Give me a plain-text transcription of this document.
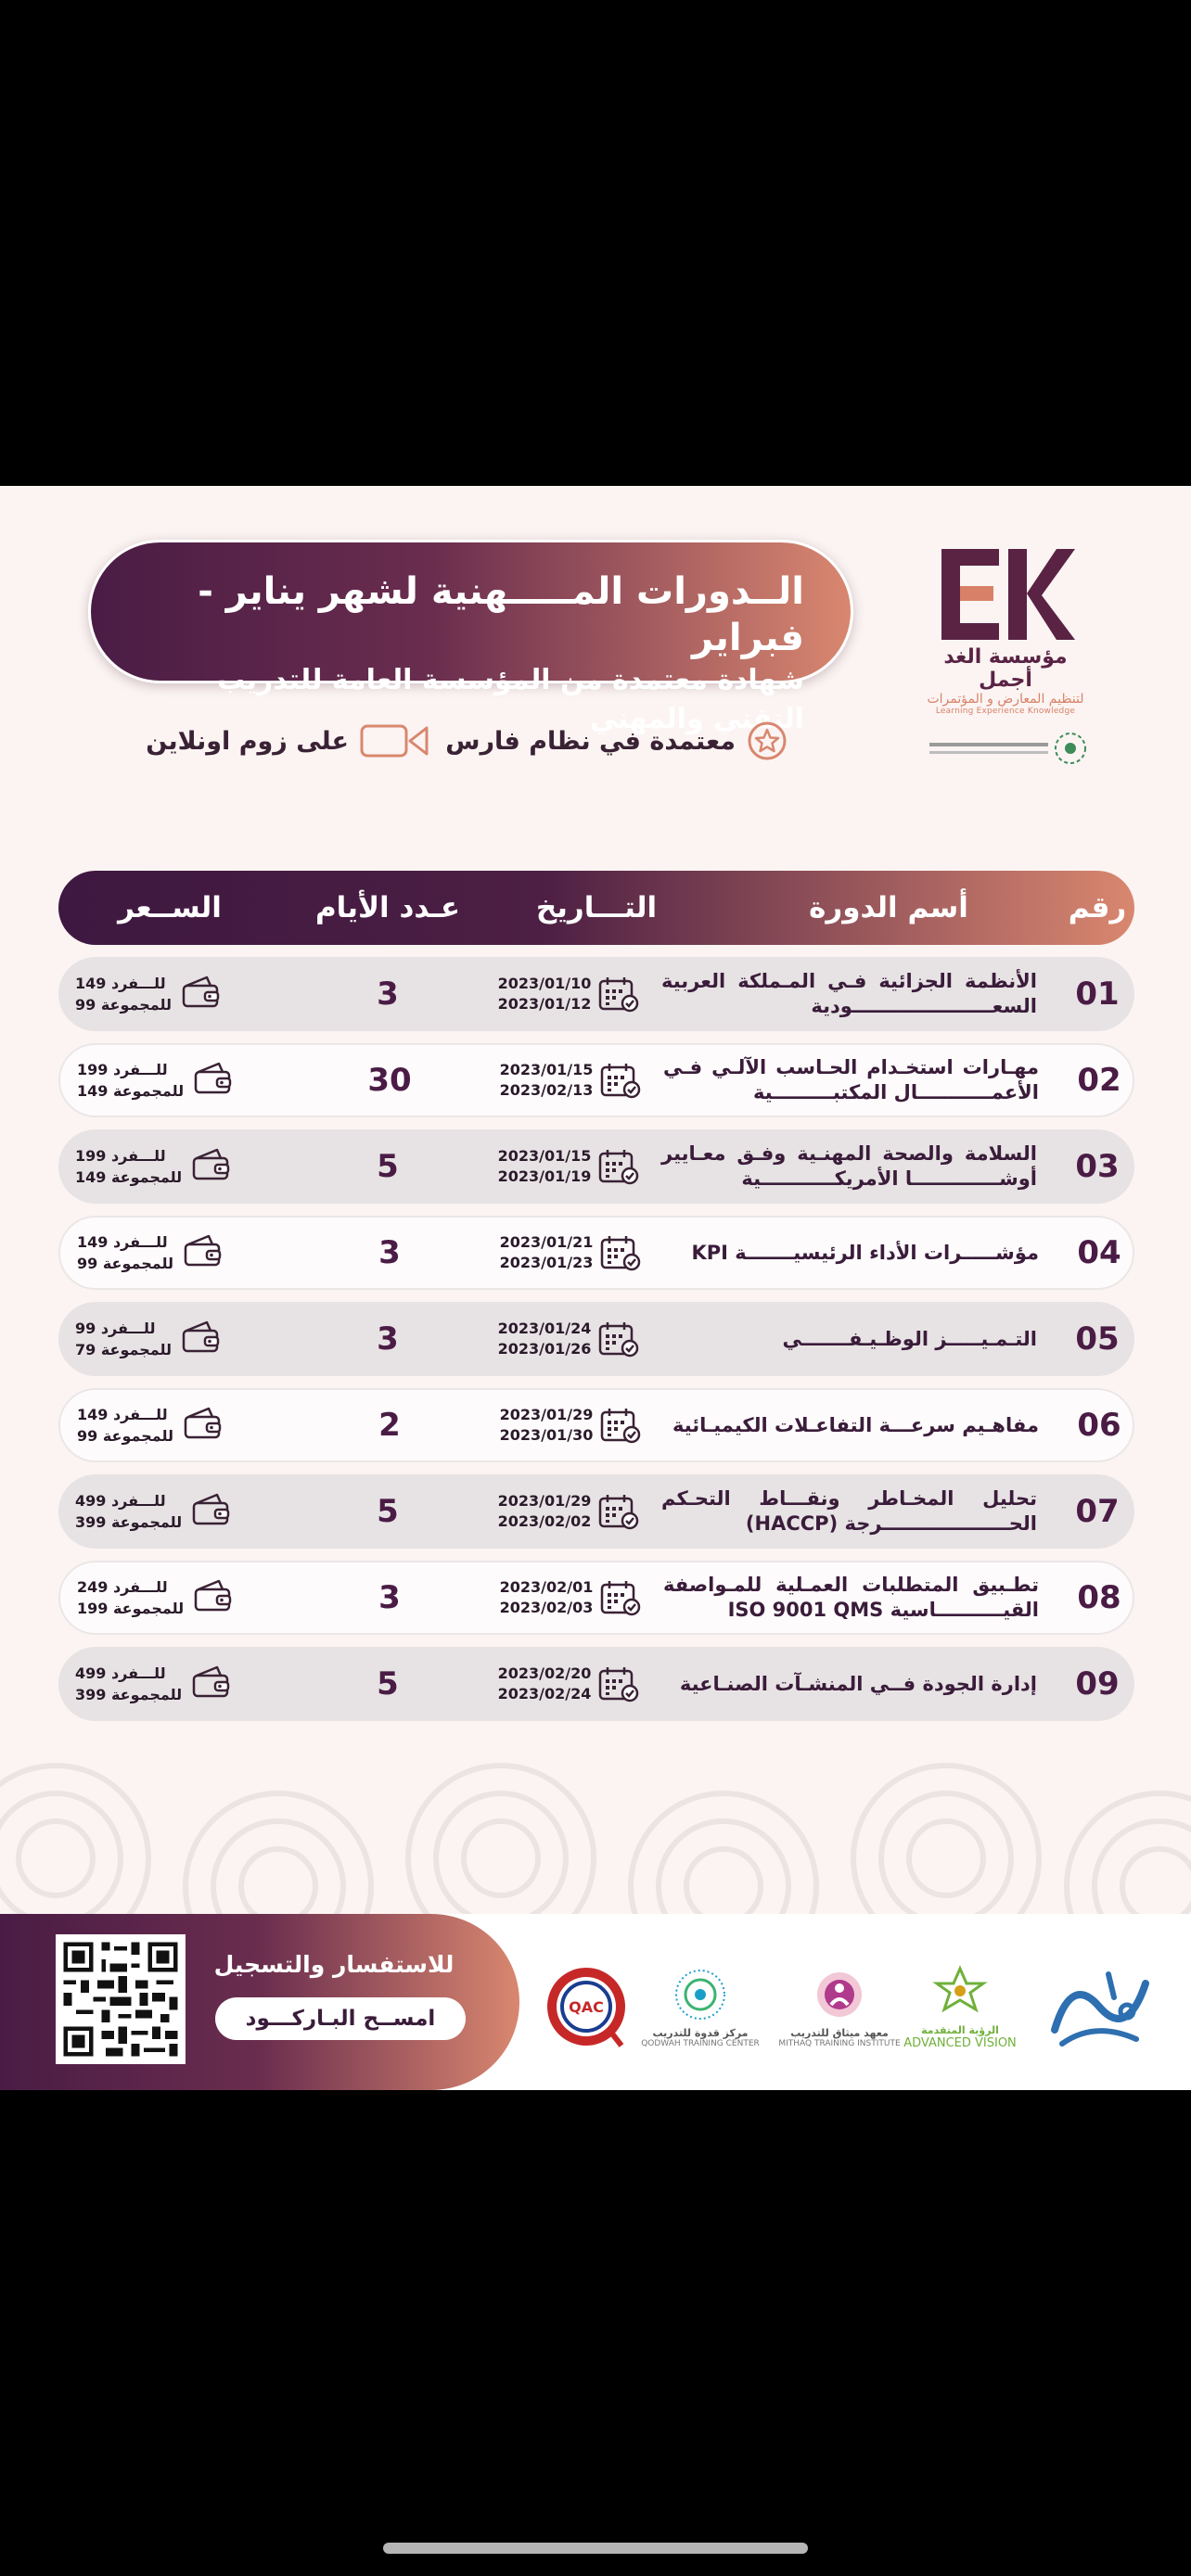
مؤسسة الغد أجمل
لتنظيم المعارض و المؤتمرات
Learning Experience Knowledge
الــدورات المـــــهنية لشهر يناير - فبراير
شهادة معتمدة من المؤسسة العامة للتدريب التقني والمهني
معتمدة في نظام فارس
على زوم اونلاين
رقم
أسم الدورة
التـــاريخ
عـدد الأيام
الســعر
01
الأنظمة الجزائية فـي المـملكة العربية السعـــــــــــــــــــــودية
2023/01/10
2023/01/12
3
149 للـــفرد
99 للمجموعة
02
مهـارات استخـدام الحـاسب الآلـي فـي الأعمـــــــــــال المكتبـــــــــية
2023/01/15
2023/02/13
30
199 للـــفرد
149 للمجموعة
03
السلامة والصحة المهنـية وفـق معـايير أوشـــــــــــــا الأمريكـــــــــــية
2023/01/15
2023/01/19
5
199 للـــفرد
149 للمجموعة
04
مؤشـــــرات الأداء الرئيسيـــــــة KPI
2023/01/21
2023/01/23
3
149 للـــفرد
99 للمجموعة
05
التـمـيـــــز الوظـيـفـــــــي
2023/01/24
2023/01/26
3
99 للـــفرد
79 للمجموعة
06
مفاهـيم سرعـــة التفاعـلات الكيميـائية
2023/01/29
2023/01/30
2
149 للـــفرد
99 للمجموعة
07
تحليل المخـاطر ونقـــاط التحـكم الحـــــــــــــــــــرجة (HACCP)
2023/01/29
2023/02/02
5
499 للـــفرد
399 للمجموعة
08
تطـبيق المتطلبات العمـلية للمـواصفة القيــــــــــاسية ISO 9001 QMS
2023/02/01
2023/02/03
3
249 للـــفرد
199 للمجموعة
09
إدارة الجودة فــي المنشـآت الصنـاعية
2023/02/20
2023/02/24
5
499 للـــفرد
399 للمجموعة
للاستفسار والتسجيل
امســح البـاركـــود	QAC
مركز قدوة للتدريب
QODWAH TRAINING CENTER
معهد ميثاق للتدريب
MITHAQ TRAINING INSTITUTE
الرؤية المتقدمة
ADVANCED VISION
